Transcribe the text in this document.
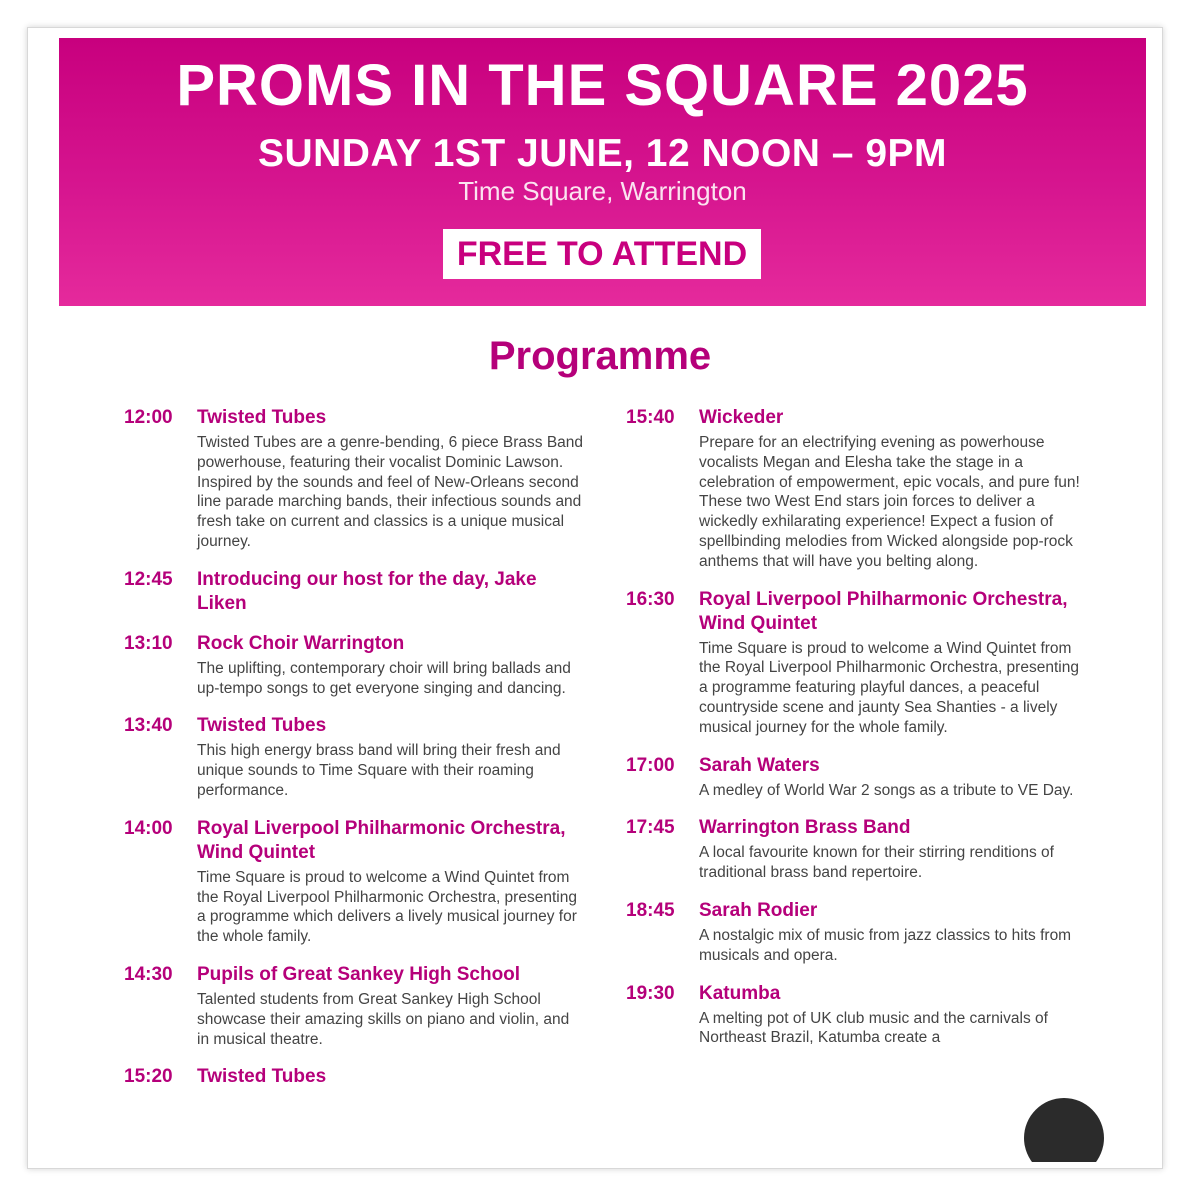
PROMS IN THE SQUARE 2025
SUNDAY 1ST JUNE, 12 NOON – 9PM
Time Square, Warrington
FREE TO ATTEND
Programme
12:00 Twisted Tubes
Twisted Tubes are a genre-bending, 6 piece Brass Band powerhouse, featuring their vocalist Dominic Lawson. Inspired by the sounds and feel of New-Orleans second line parade marching bands, their infectious sounds and fresh take on current and classics is a unique musical journey.
12:45 Introducing our host for the day, Jake Liken
13:10 Rock Choir Warrington
The uplifting, contemporary choir will bring ballads and up-tempo songs to get everyone singing and dancing.
13:40 Twisted Tubes
This high energy brass band will bring their fresh and unique sounds to Time Square with their roaming performance.
14:00 Royal Liverpool Philharmonic Orchestra, Wind Quintet
Time Square is proud to welcome a Wind Quintet from the Royal Liverpool Philharmonic Orchestra, presenting a programme which delivers a lively musical journey for the whole family.
14:30 Pupils of Great Sankey High School
Talented students from Great Sankey High School showcase their amazing skills on piano and violin, and in musical theatre.
15:20 Twisted Tubes
15:40 Wickeder
Prepare for an electrifying evening as powerhouse vocalists Megan and Elesha take the stage in a celebration of empowerment, epic vocals, and pure fun! These two West End stars join forces to deliver a wickedly exhilarating experience! Expect a fusion of spellbinding melodies from Wicked alongside pop-rock anthems that will have you belting along.
16:30 Royal Liverpool Philharmonic Orchestra, Wind Quintet
Time Square is proud to welcome a Wind Quintet from the Royal Liverpool Philharmonic Orchestra, presenting a programme featuring playful dances, a peaceful countryside scene and jaunty Sea Shanties - a lively musical journey for the whole family.
17:00 Sarah Waters
A medley of World War 2 songs as a tribute to VE Day.
17:45 Warrington Brass Band
A local favourite known for their stirring renditions of traditional brass band repertoire.
18:45 Sarah Rodier
A nostalgic mix of music from jazz classics to hits from musicals and opera.
19:30 Katumba
A melting pot of UK club music and the carnivals of Northeast Brazil, Katumba create a
